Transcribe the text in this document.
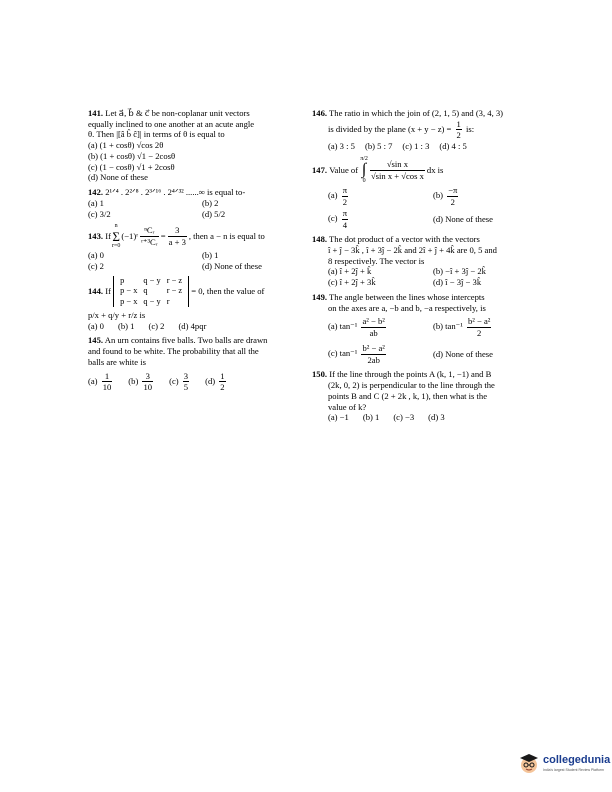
141. Let a⃗, b⃗ & c⃗ be non-coplanar unit vectors
equally inclined to one another at an acute angle
θ. Then |[â b̂ ĉ]| in terms of θ is equal to
(a) (1 + cosθ) √cos 2θ
(b) (1 + cosθ) √1 − 2cosθ
(c) (1 − cosθ) √1 + 2cosθ
(d) None of these
142. 2¹ᐟ⁴ . 2²ᐟ⁸ . 2³ᐟ¹⁶ . 2⁴ᐟ³² ......∞ is equal to-
(a) 1	(b) 2
(c) 3/2	(d) 5/2
143.
If
n
Σ
r=0
(−1)ʳ $\frac{\text{ⁿCᵣ}}{\text{ʳ⁺³Cᵣ}} = \frac{3}{a + 3}$ , then a − n is equal to
(a) 0	(b) 1
(c) 2	(d) None of these
144.
If

p	q − y	r − z
p − x	q	r − z
p − x	q − y	r

= 0, then the value of
p/x + q/y + r/z is
(a) 0 (b) 1 (c) 2 (d) 4pqr
145. An urn contains five balls. Two balls are drawn
and found to be white. The probability that all the
balls are white is
$(a) \frac{1}{10} (b) \frac{3}{10} (c) \frac{3}{5} (d) \frac{1}{2}$
146. The ratio in which the join of (2, 1, 5) and (3, 4, 3)
is divided by the plane $(x + y - z) = \frac{1}{2}$ is:
(a) 3 : 5 (b) 5 : 7 (c) 1 : 3 (d) 4 : 5
147.
Value of

π/2
∫
$0 \frac{\text{√sin x}}{\text{√sin x + √cos x}}$ dx is
$(a) \frac{\pi}{2}$	$(b) \frac{-\pi}{2}$
$(c) \frac{\pi}{4}$	(d) None of these
148. The dot product of a vector with the vectors
î + ĵ − 3k̂ , î + 3ĵ − 2k̂ and 2î + ĵ + 4k̂ are 0, 5 and
8 respectively. The vector is
(a) î + 2ĵ + k̂	(b) −î + 3ĵ − 2k̂
(c) î + 2ĵ + 3k̂	(d) î − 3ĵ − 3k̂
149. The angle between the lines whose intercepts
on the axes are a, −b and b, −a respectively, is
(a) $\tan^{-1} \frac{\text{a² − b²}}{ab}$	(b) $\tan^{-1} \frac{\text{b² − a²}}{2}$
(c) $\tan^{-1} \frac{\text{b² − a²}}{2ab}$	(d) None of these
150. If the line through the points A (k, 1, −1) and B
(2k, 0, 2) is perpendicular to the line through the
points B and C (2 + 2k , k, 1), then what is the
value of k?
(a) −1 (b) 1 (c) −3 (d) 3
collegedunia
India's largest Student Review Platform
